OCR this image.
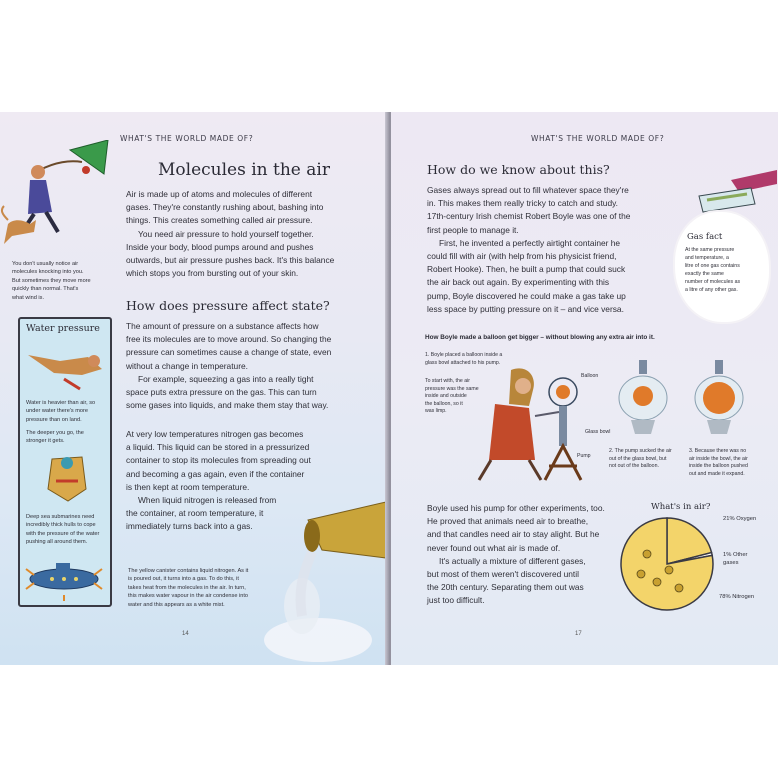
WHAT'S THE WORLD MADE OF?
You don't usually notice air
molecules knocking into you.
But sometimes they move more
quickly than normal. That's
what wind is.
Molecules in the air
Air is made up of atoms and molecules of different
gases. They're constantly rushing about, bashing into
things. This creates something called air pressure.
You need air pressure to hold yourself together.
Inside your body, blood pumps around and pushes
outwards, but air pressure pushes back. It's this balance
which stops you from bursting out of your skin.
How does pressure affect state?
The amount of pressure on a substance affects how
free its molecules are to move around. So changing the
pressure can sometimes cause a change of state, even
without a change in temperature.
For example, squeezing a gas into a really tight
space puts extra pressure on the gas. This can turn
some gases into liquids, and make them stay that way.
At very low temperatures nitrogen gas becomes
a liquid. This liquid can be stored in a pressurized
container to stop its molecules from spreading out
and becoming a gas again, even if the container
is then kept at room temperature.
When liquid nitrogen is released from
the container, at room temperature, it
immediately turns back into a gas.
Water pressure
Water is heavier than air, so
under water there's more
pressure than on land.
The deeper you go, the
stronger it gets.
Deep sea submarines need
incredibly thick hulls to cope
with the pressure of the water
pushing all around them.
The yellow canister contains liquid nitrogen. As it
is poured out, it turns into a gas. To do this, it
takes heat from the molecules in the air. In turn,
this makes water vapour in the air condense into
water and this appears as a white mist.
14
WHAT'S THE WORLD MADE OF?
How do we know about this?
Gases always spread out to fill whatever space they're
in. This makes them really tricky to catch and study.
17th-century Irish chemist Robert Boyle was one of the
first people to manage it.
First, he invented a perfectly airtight container he
could fill with air (with help from his physicist friend,
Robert Hooke). Then, he built a pump that could suck
the air back out again. By experimenting with this
pump, Boyle discovered he could make a gas take up
less space by putting pressure on it – and vice versa.
Gas fact
At the same pressure
and temperature, a
litre of one gas contains
exactly the same
number of molecules as
a litre of any other gas.
How Boyle made a balloon get bigger – without blowing any extra air into it.
1. Boyle placed a balloon inside a
glass bowl attached to his pump.
To start with, the air
pressure was the same
inside and outside
the balloon, so it
was limp.
Balloon
Glass bowl
Pump
2. The pump sucked the air
out of the glass bowl, but
not out of the balloon.
3. Because there was no
air inside the bowl, the air
inside the balloon pushed
out and made it expand.
Boyle used his pump for other experiments, too.
He proved that animals need air to breathe,
and that candles need air to stay alight. But he
never found out what air is made of.
It's actually a mixture of different gases,
but most of them weren't discovered until
the 20th century. Separating them out was
just too difficult.
What's in air?
21% Oxygen
1% Other gases
78% Nitrogen
17
